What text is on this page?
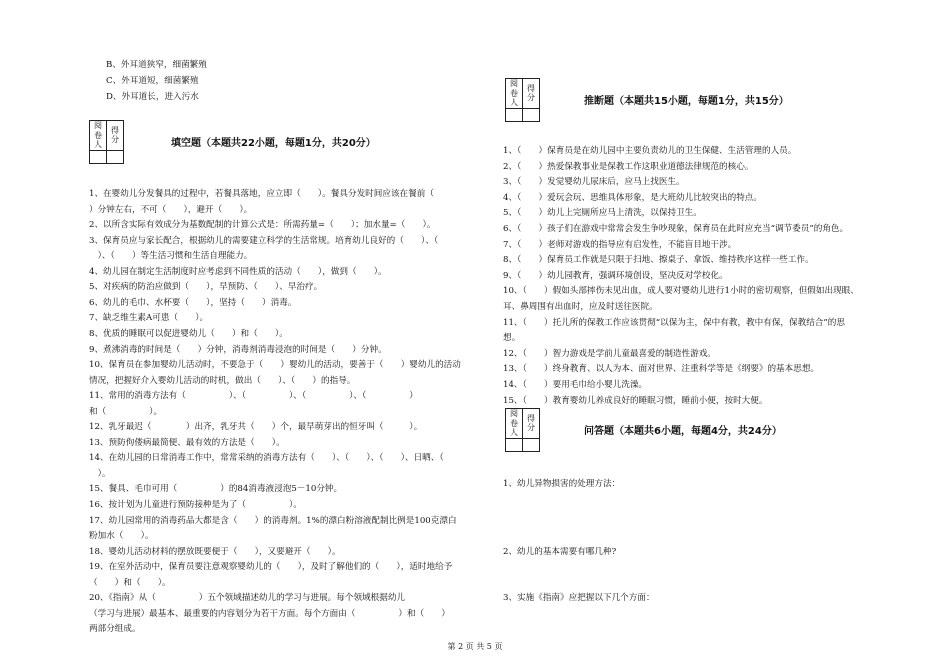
B、外耳道狭窄，细菌繁殖
C、外耳道短，细菌繁殖
D、外耳道长，进入污水
阅卷人	得分
		填空题（本题共22小题，每题1分，共20分）
1、在婴幼儿分发餐具的过程中，若餐具落地，应立即（　　）。餐具分发时间应该在餐前（
）分钟左右，不可（　　），避开（　　）。
2、以所含实际有效成分为基数配制的计算公式是：所需药量=（　　）；加水量=（　　）。
3、保育员应与家长配合，根据幼儿的需要建立科学的生活常规。培育幼儿良好的（　　）、（
　）、（　　）等生活习惯和生活自理能力。
4、幼儿园在制定生活制度时应考虑到不同性质的活动（　　），做到（　　）。
5、对疾病的防治应做到（　　），早预防、（　　）、早治疗。
6、幼儿的毛巾、水杯要（　　），坚持（　　）消毒。
7、缺乏维生素A可患（　　）。
8、优质的睡眠可以促进婴幼儿（　　）和（　　）。
9、煮沸消毒的时间是（　　）分钟，消毒剂消毒浸泡的时间是（　　）分钟。
10、保育员在参加婴幼儿活动时，不要急于（　　）婴幼儿的活动，要善于（　　）婴幼儿的活动
情况，把握好介入婴幼儿活动的时机，做出（　　）、（　　）的指导。
11、常用的消毒方法有（　　　　　）、（　　　　　）、（　　　　　）、（　　　　　）
和（　　　　　）。
12、乳牙最迟（　　　　）出齐，乳牙共（　　）个，最早萌芽出的恒牙叫（　　　）。
13、预防佝偻病最简便、最有效的方法是（　　）。
14、在幼儿园的日常消毒工作中，常常采纳的消毒方法有（　　）、（　　）、（　　）、日晒、（
　）。
15、餐具、毛巾可用（　　　　　）的84消毒液浸泡5－10分钟。
16、按计划为儿童进行预防接种是为了（　　　　　）。
17、幼儿园常用的消毒药品大都是含（　　）的消毒剂。1%的漂白粉溶液配制比例是100克漂白
粉加水（　　）。
18、婴幼儿活动材料的摆放既要便于（　　），又要避开（　　）。
19、在室外活动中，保育员要注意观察婴幼儿的（　　），及时了解他们的（　　），适时地给予
（　　）和（　　）。
20、《指南》从（　　　　　）五个领域描述幼儿的学习与进展。每个领域根据幼儿
（学习与进展）最基本、最重要的内容划分为若干方面。每个方面由（　　　　　）和（　　）
两部分组成。
阅卷人	得分
		推断题（本题共15小题，每题1分，共15分）
1、（　　）保育员是在幼儿园中主要负责幼儿的卫生保健、生活管理的人员。
2、（　　）热爱保教事业是保教工作这职业道德法律规范的核心。
3、（　　）发觉婴幼儿尿床后，应马上找医生。
4、（　　）爱玩会玩、思维具体形象，是大班幼儿比较突出的特点。
5、（　　）幼儿上完厕所应马上清洗，以保持卫生。
6、（　　）孩子们在游戏中常常会发生争吵现象，保育员在此时应充当“调节委员”的角色。
7、（　　）老师对游戏的指导应有启发性，不能盲目地干涉。
8、（　　）保育员工作就是只限于扫地、擦桌子、拿饭、维持秩序这样一些工作。
9、（　　）幼儿园教育，强调环境创设，坚决反对学校化。
10、（　　）假如头部摔伤未见出血，成人要对婴幼儿进行1小时的密切观察，但假如出现眼、
耳、鼻周围有出血时，应及时送往医院。
11、（　　）托儿所的保教工作应该贯彻“以保为主，保中有教，教中有保，保教结合”的思
想。
12、（　　）智力游戏是学前儿童最喜爱的制造性游戏。
13、（　　）终身教育、以人为本、面对世界、注重科学等是《纲要》的基本思想。
14、（　　）要用毛巾给小婴儿洗澡。
15、（　　）教育婴幼儿养成良好的睡眠习惯，睡前小便，按时大便。
阅卷人	得分
		问答题（本题共6小题，每题4分，共24分）
1、幼儿异物损害的处理方法：
2、幼儿的基本需要有哪几种?
3、实施《指南》应把握以下几个方面：
第 2 页 共 5 页
